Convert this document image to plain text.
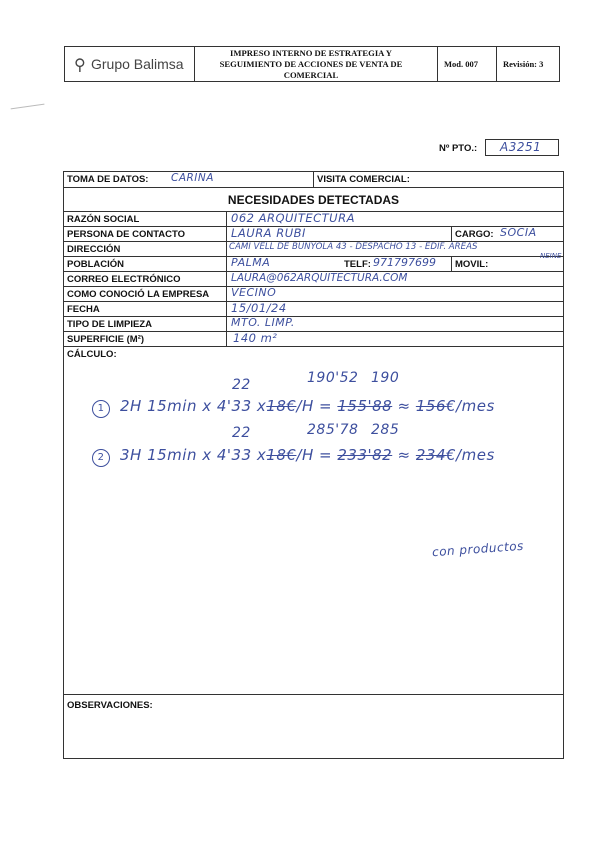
⚲ Grupo Balimsa
IMPRESO INTERNO DE ESTRATEGIA Y SEGUIMIENTO DE ACCIONES DE VENTA DE COMERCIAL
Mod. 007	Revisión: 3
Nº PTO.: A3251
TOMA DE DATOS: CARINA	VISITA COMERCIAL:
NECESIDADES DETECTADAS
RAZÓN SOCIAL	062 ARQUITECTURA
PERSONA DE CONTACTO	LAURA RUBI	CARGO: SOCIA
DIRECCIÓN	CAMI VELL DE BUNYOLA 43 - DESPACHO 13 - EDIF. AREAS
POBLACIÓN	PALMA	TELF: 971797699 MOVIL:
NEINE
CORREO ELECTRÓNICO	LAURA@062ARQUITECTURA.COM
COMO CONOCIÓ LA EMPRESA VECINO
FECHA	15/01/24
TIPO DE LIMPIEZA	MTO. LIMP.
SUPERFICIE (M²)	140 m²
CÁLCULO:
22	190'52 190
1 2H 15min x 4'33 x18€/H = 155'88 ≈ 156€/mes
22	285'78 285
2 3H 15min x 4'33 x18€/H = 233'82 ≈ 234€/mes
con productos
OBSERVACIONES:
